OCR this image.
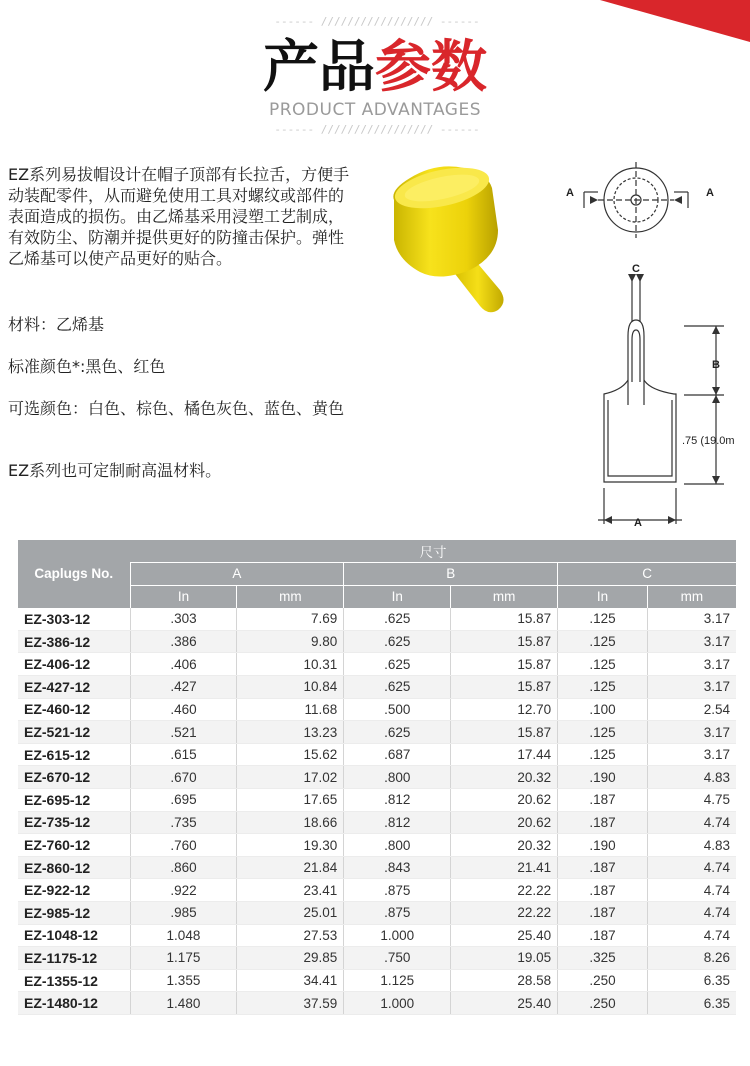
------ ///////////////// ------
产品参数
PRODUCT ADVANTAGES
------ ///////////////// ------
EZ系列易拔帽设计在帽子顶部有长拉舌，方便手动装配零件，从而避免使用工具对螺纹或部件的表面造成的损伤。由乙烯基采用浸塑工艺制成，有效防尘、防潮并提供更好的防撞击保护。弹性乙烯基可以使产品更好的贴合。
材料：乙烯基
标准颜色*:黑色、红色
可选颜色：白色、棕色、橘色灰色、蓝色、黄色
EZ系列也可定制耐高温材料。
A	A
C
B
.75 (19.0m
A
Caplugs No.	尺寸					
	A		B		C	
	In	mm	In	mm	In	mm
EZ-303-12	.303	7.69	.625	15.87	.125	3.17
EZ-386-12	.386	9.80	.625	15.87	.125	3.17
EZ-406-12	.406	10.31	.625	15.87	.125	3.17
EZ-427-12	.427	10.84	.625	15.87	.125	3.17
EZ-460-12	.460	11.68	.500	12.70	.100	2.54
EZ-521-12	.521	13.23	.625	15.87	.125	3.17
EZ-615-12	.615	15.62	.687	17.44	.125	3.17
EZ-670-12	.670	17.02	.800	20.32	.190	4.83
EZ-695-12	.695	17.65	.812	20.62	.187	4.75
EZ-735-12	.735	18.66	.812	20.62	.187	4.74
EZ-760-12	.760	19.30	.800	20.32	.190	4.83
EZ-860-12	.860	21.84	.843	21.41	.187	4.74
EZ-922-12	.922	23.41	.875	22.22	.187	4.74
EZ-985-12	.985	25.01	.875	22.22	.187	4.74
EZ-1048-12	1.048	27.53	1.000	25.40	.187	4.74
EZ-1175-12	1.175	29.85	.750	19.05	.325	8.26
EZ-1355-12	1.355	34.41	1.125	28.58	.250	6.35
EZ-1480-12	1.480	37.59	1.000	25.40	.250	6.35
